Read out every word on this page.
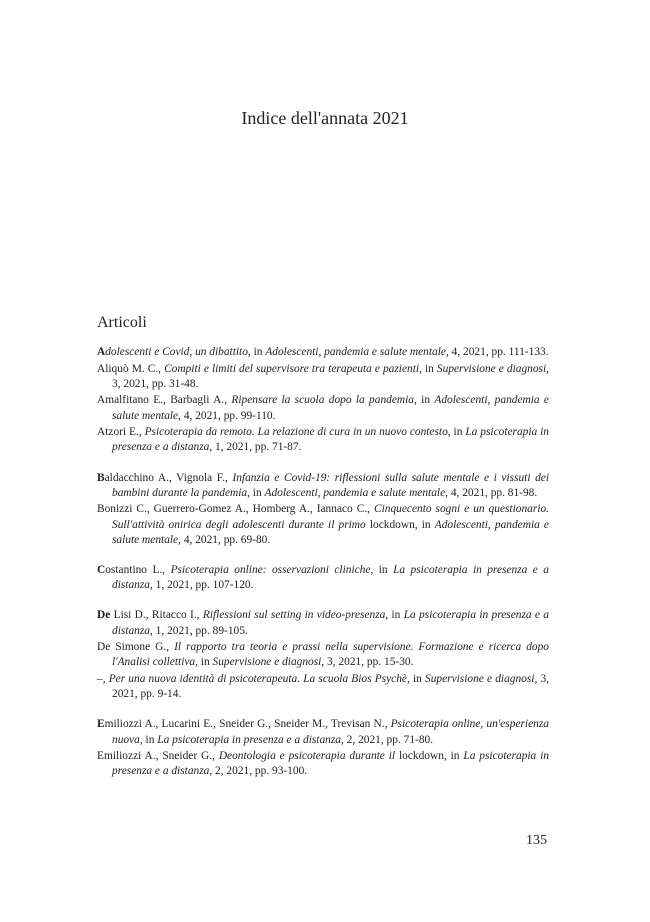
Indice dell'annata 2021
Articoli

Adolescenti e Covid, un dibattito, in Adolescenti, pandemia e salute mentale, 4, 2021, pp. 111-133.

Aliquò M. C., Compiti e limiti del supervisore tra terapeuta e pazienti, in Supervisione e diagnosi, 3, 2021, pp. 31-48.

Amalfitano E., Barbagli A., Ripensare la scuola dopo la pandemia, in Adolescenti, pandemia e salute mentale, 4, 2021, pp. 99-110.

Atzori E., Psicoterapia da remoto. La relazione di cura in un nuovo contesto, in La psicoterapia in presenza e a distanza, 1, 2021, pp. 71-87.

Baldacchino A., Vignola F., Infanzia e Covid-19: riflessioni sulla salute mentale e i vissuti dei bambini durante la pandemia, in Adolescenti, pandemia e salute mentale, 4, 2021, pp. 81-98.

Bonizzi C., Guerrero-Gomez A., Homberg A., Iannaco C., Cinquecento sogni e un questionario. Sull'attività onirica degli adolescenti durante il primo lockdown, in Adolescenti, pandemia e salute mentale, 4, 2021, pp. 69-80.

Costantino L., Psicoterapia online: osservazioni cliniche, in La psicoterapia in presenza e a distanza, 1, 2021, pp. 107-120.

De Lisi D., Ritacco I., Riflessioni sul setting in video-presenza, in La psicoterapia in presenza e a distanza, 1, 2021, pp. 89-105.

De Simone G., Il rapporto tra teoria e prassi nella supervisione. Formazione e ricerca dopo l'Analisi collettiva, in Supervisione e diagnosi, 3, 2021, pp. 15-30.

–, Per una nuova identità di psicoterapeuta. La scuola Bios Psychè, in Supervisione e diagnosi, 3, 2021, pp. 9-14.

Emiliozzi A., Lucarini E., Sneider G., Sneider M., Trevisan N., Psicoterapia online, un'esperienza nuova, in La psicoterapia in presenza e a distanza, 2, 2021, pp. 71-80.

Emiliozzi A., Sneider G., Deontologia e psicoterapia durante il lockdown, in La psicoterapia in presenza e a distanza, 2, 2021, pp. 93-100.

135
